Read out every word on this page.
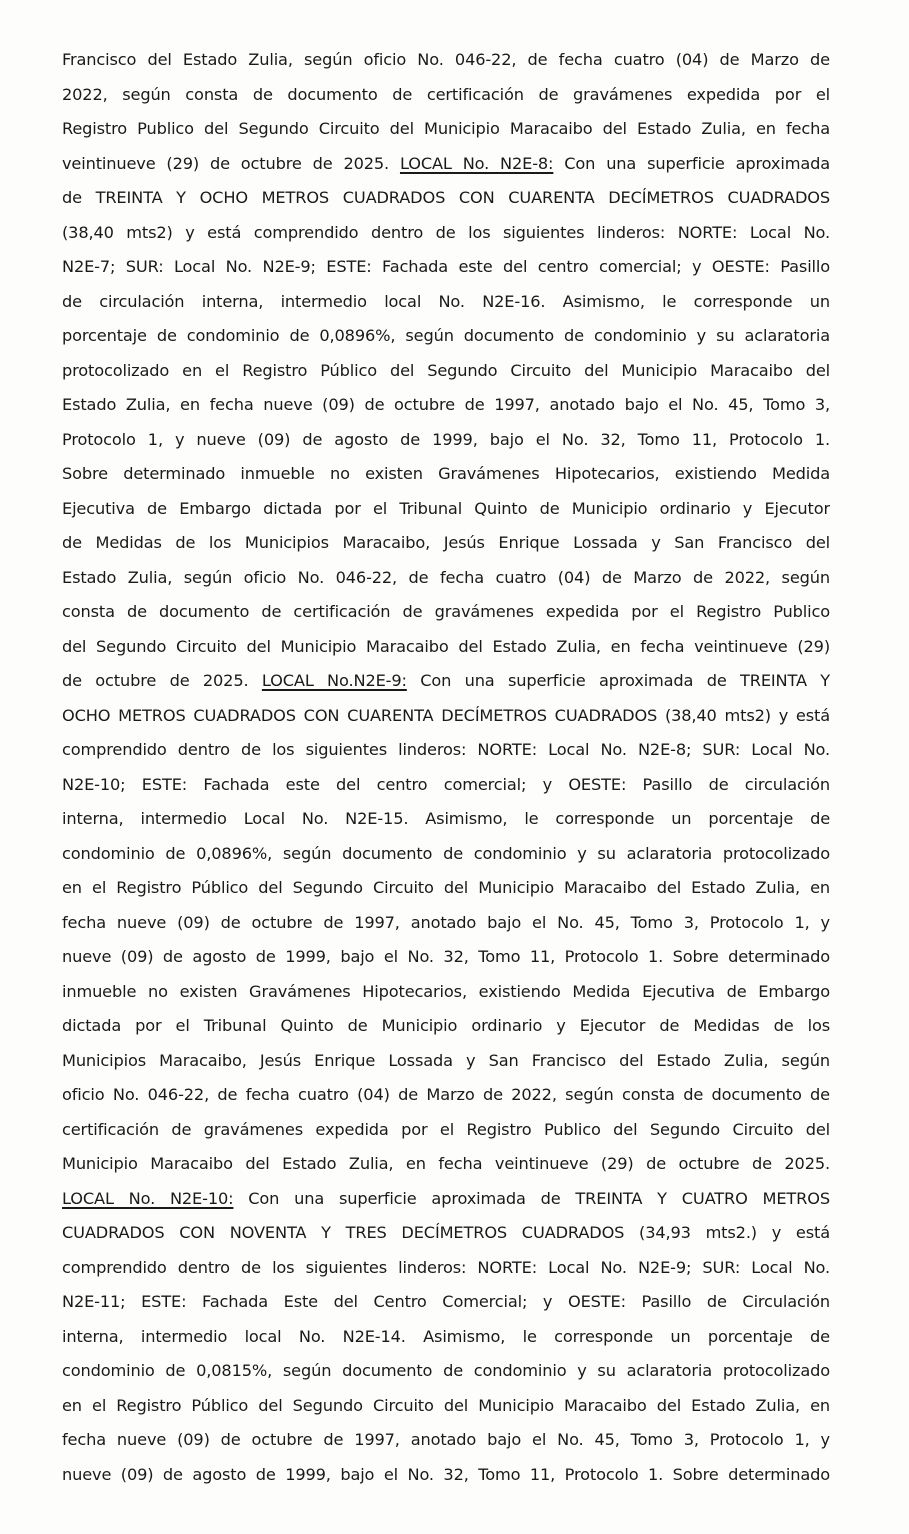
Francisco del Estado Zulia, según oficio No. 046-22, de fecha cuatro (04) de Marzo de
2022, según consta de documento de certificación de gravámenes expedida por el
Registro Publico del Segundo Circuito del Municipio Maracaibo del Estado Zulia, en fecha
veintinueve (29) de octubre de 2025. LOCAL No. N2E-8: Con una superficie aproximada
de TREINTA Y OCHO METROS CUADRADOS CON CUARENTA DECÍMETROS CUADRADOS
(38,40 mts2) y está comprendido dentro de los siguientes linderos: NORTE: Local No.
N2E-7; SUR: Local No. N2E-9; ESTE: Fachada este del centro comercial; y OESTE: Pasillo
de circulación interna, intermedio local No. N2E-16. Asimismo, le corresponde un
porcentaje de condominio de 0,0896%, según documento de condominio y su aclaratoria
protocolizado en el Registro Público del Segundo Circuito del Municipio Maracaibo del
Estado Zulia, en fecha nueve (09) de octubre de 1997, anotado bajo el No. 45, Tomo 3,
Protocolo 1, y nueve (09) de agosto de 1999, bajo el No. 32, Tomo 11, Protocolo 1.
Sobre determinado inmueble no existen Gravámenes Hipotecarios, existiendo Medida
Ejecutiva de Embargo dictada por el Tribunal Quinto de Municipio ordinario y Ejecutor
de Medidas de los Municipios Maracaibo, Jesús Enrique Lossada y San Francisco del
Estado Zulia, según oficio No. 046-22, de fecha cuatro (04) de Marzo de 2022, según
consta de documento de certificación de gravámenes expedida por el Registro Publico
del Segundo Circuito del Municipio Maracaibo del Estado Zulia, en fecha veintinueve (29)
de octubre de 2025. LOCAL No.N2E-9: Con una superficie aproximada de TREINTA Y
OCHO METROS CUADRADOS CON CUARENTA DECÍMETROS CUADRADOS (38,40 mts2) y está
comprendido dentro de los siguientes linderos: NORTE: Local No. N2E-8; SUR: Local No.
N2E-10; ESTE: Fachada este del centro comercial; y OESTE: Pasillo de circulación
interna, intermedio Local No. N2E-15. Asimismo, le corresponde un porcentaje de
condominio de 0,0896%, según documento de condominio y su aclaratoria protocolizado
en el Registro Público del Segundo Circuito del Municipio Maracaibo del Estado Zulia, en
fecha nueve (09) de octubre de 1997, anotado bajo el No. 45, Tomo 3, Protocolo 1, y
nueve (09) de agosto de 1999, bajo el No. 32, Tomo 11, Protocolo 1. Sobre determinado
inmueble no existen Gravámenes Hipotecarios, existiendo Medida Ejecutiva de Embargo
dictada por el Tribunal Quinto de Municipio ordinario y Ejecutor de Medidas de los
Municipios Maracaibo, Jesús Enrique Lossada y San Francisco del Estado Zulia, según
oficio No. 046-22, de fecha cuatro (04) de Marzo de 2022, según consta de documento de
certificación de gravámenes expedida por el Registro Publico del Segundo Circuito del
Municipio Maracaibo del Estado Zulia, en fecha veintinueve (29) de octubre de 2025.
LOCAL No. N2E-10: Con una superficie aproximada de TREINTA Y CUATRO METROS
CUADRADOS CON NOVENTA Y TRES DECÍMETROS CUADRADOS (34,93 mts2.) y está
comprendido dentro de los siguientes linderos: NORTE: Local No. N2E-9; SUR: Local No.
N2E-11; ESTE: Fachada Este del Centro Comercial; y OESTE: Pasillo de Circulación
interna, intermedio local No. N2E-14. Asimismo, le corresponde un porcentaje de
condominio de 0,0815%, según documento de condominio y su aclaratoria protocolizado
en el Registro Público del Segundo Circuito del Municipio Maracaibo del Estado Zulia, en
fecha nueve (09) de octubre de 1997, anotado bajo el No. 45, Tomo 3, Protocolo 1, y
nueve (09) de agosto de 1999, bajo el No. 32, Tomo 11, Protocolo 1. Sobre determinado
